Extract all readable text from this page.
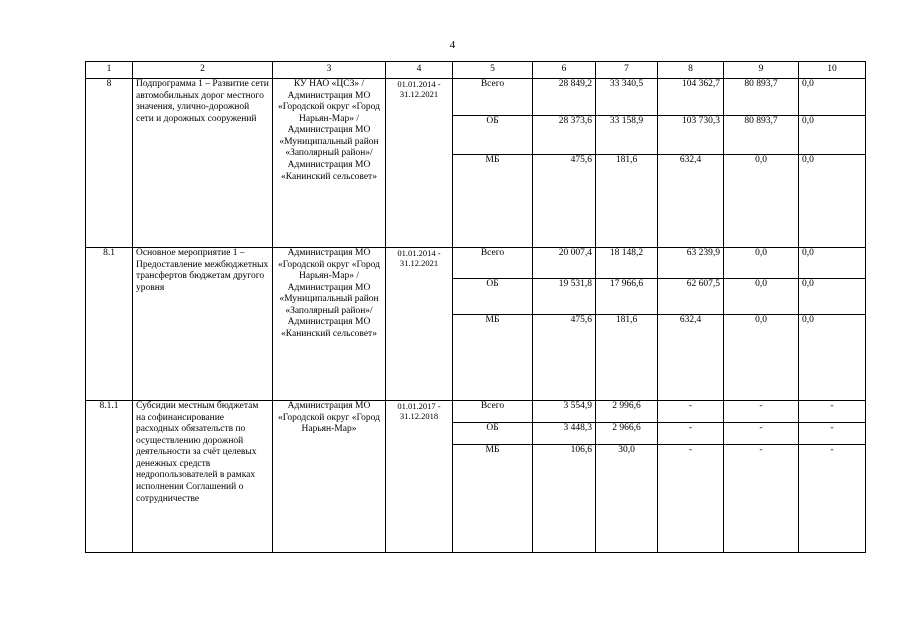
4
1	2	3	4	5	6	7	8	9	10
8	Подпрограмма 1 – Развитие сети автомобильных дорог местного значения, улично-дорожной сети и дорожных сооружений	КУ НАО «ЦСЗ» /Администрация МО «Городской округ «Город Нарьян-Мар» / Администрация МО «Муниципальный район «Заполярный район»/ Администрация МО «Канинский сельсовет»	01.01.2014 - 31.12.2021	Всего	28 849,2	33 340,5	104 362,7	80 893,7	0,0
				ОБ	28 373,6	33 158,9	103 730,3	80 893,7	0,0
				МБ	475,6	181,6	632,4	0,0	0,0
8.1	Основное мероприятие 1 – Предоставление межбюджетных трансфертов бюджетам другого уровня	Администрация МО «Городской округ «Город Нарьян-Мар» / Администрация МО «Муниципальный район «Заполярный район»/ Администрация МО «Канинский сельсовет»	01.01.2014 - 31.12.2021	Всего	20 007,4	18 148,2	63 239,9	0,0	0,0
				ОБ	19 531,8	17 966,6	62 607,5	0,0	0,0
				МБ	475,6	181,6	632,4	0,0	0,0
8.1.1	Субсидии местным бюджетам на софинансирование расходных обязательств по осуществлению дорожной деятельности за счёт целевых денежных средств недропользователей в рамках исполнения Соглашений о сотрудничестве	Администрация МО «Городской округ «Город Нарьян-Мар»	01.01.2017 - 31.12.2018	Всего	3 554,9	2 996,6	-	-	-
				ОБ	3 448,3	2 966,6	-	-	-
				МБ	106,6	30,0	-	-	-
